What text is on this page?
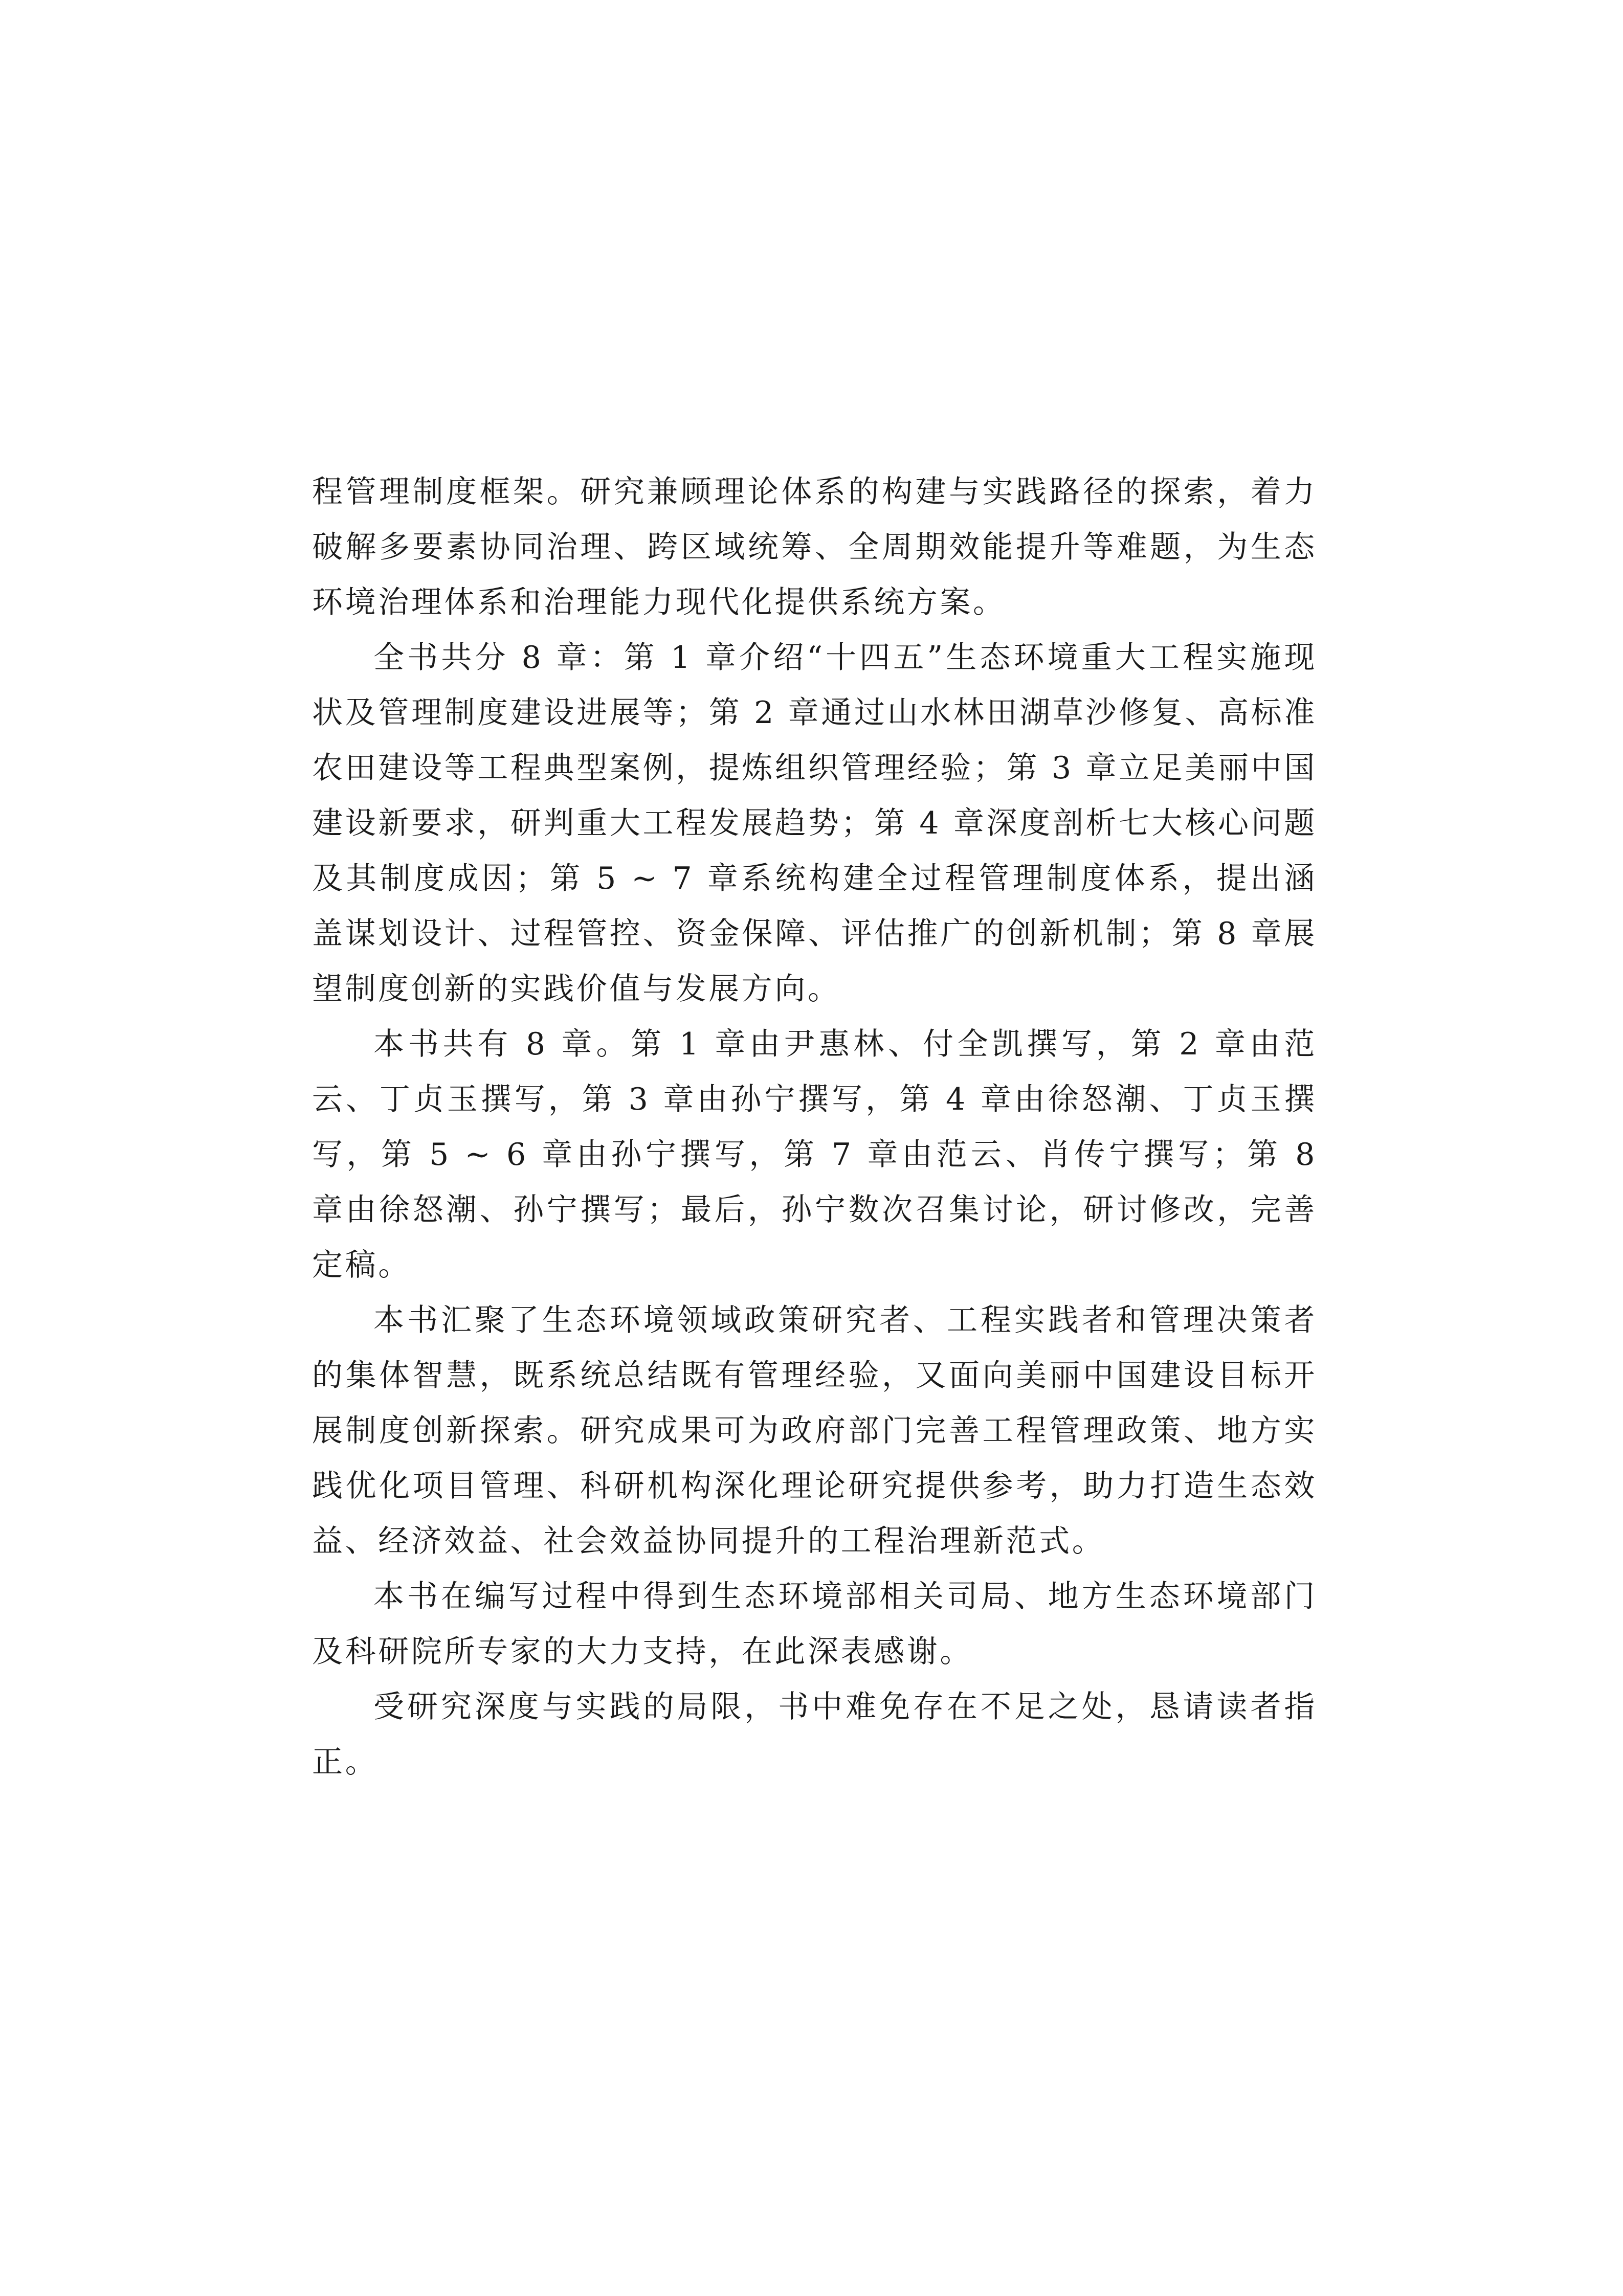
程管理制度框架。研究兼顾理论体系的构建与实践路径的探索，着力破解多要素协同治理、跨区域统筹、全周期效能提升等难题，为生态环境治理体系和治理能力现代化提供系统方案。

全书共分 8 章：第 1 章介绍“十四五”生态环境重大工程实施现状及管理制度建设进展等；第 2 章通过山水林田湖草沙修复、高标准农田建设等工程典型案例，提炼组织管理经验；第 3 章立足美丽中国建设新要求，研判重大工程发展趋势；第 4 章深度剖析七大核心问题及其制度成因；第 5 ~ 7 章系统构建全过程管理制度体系，提出涵盖谋划设计、过程管控、资金保障、评估推广的创新机制；第 8 章展望制度创新的实践价值与发展方向。

本书共有 8 章。第 1 章由尹惠林、付全凯撰写，第 2 章由范云、丁贞玉撰写，第 3 章由孙宁撰写，第 4 章由徐怒潮、丁贞玉撰写，第 5 ~ 6 章由孙宁撰写，第 7 章由范云、肖传宁撰写；第 8 章由徐怒潮、孙宁撰写；最后，孙宁数次召集讨论，研讨修改，完善定稿。

本书汇聚了生态环境领域政策研究者、工程实践者和管理决策者的集体智慧，既系统总结既有管理经验，又面向美丽中国建设目标开展制度创新探索。研究成果可为政府部门完善工程管理政策、地方实践优化项目管理、科研机构深化理论研究提供参考，助力打造生态效益、经济效益、社会效益协同提升的工程治理新范式。

本书在编写过程中得到生态环境部相关司局、地方生态环境部门及科研院所专家的大力支持，在此深表感谢。

受研究深度与实践的局限，书中难免存在不足之处，恳请读者指正。
